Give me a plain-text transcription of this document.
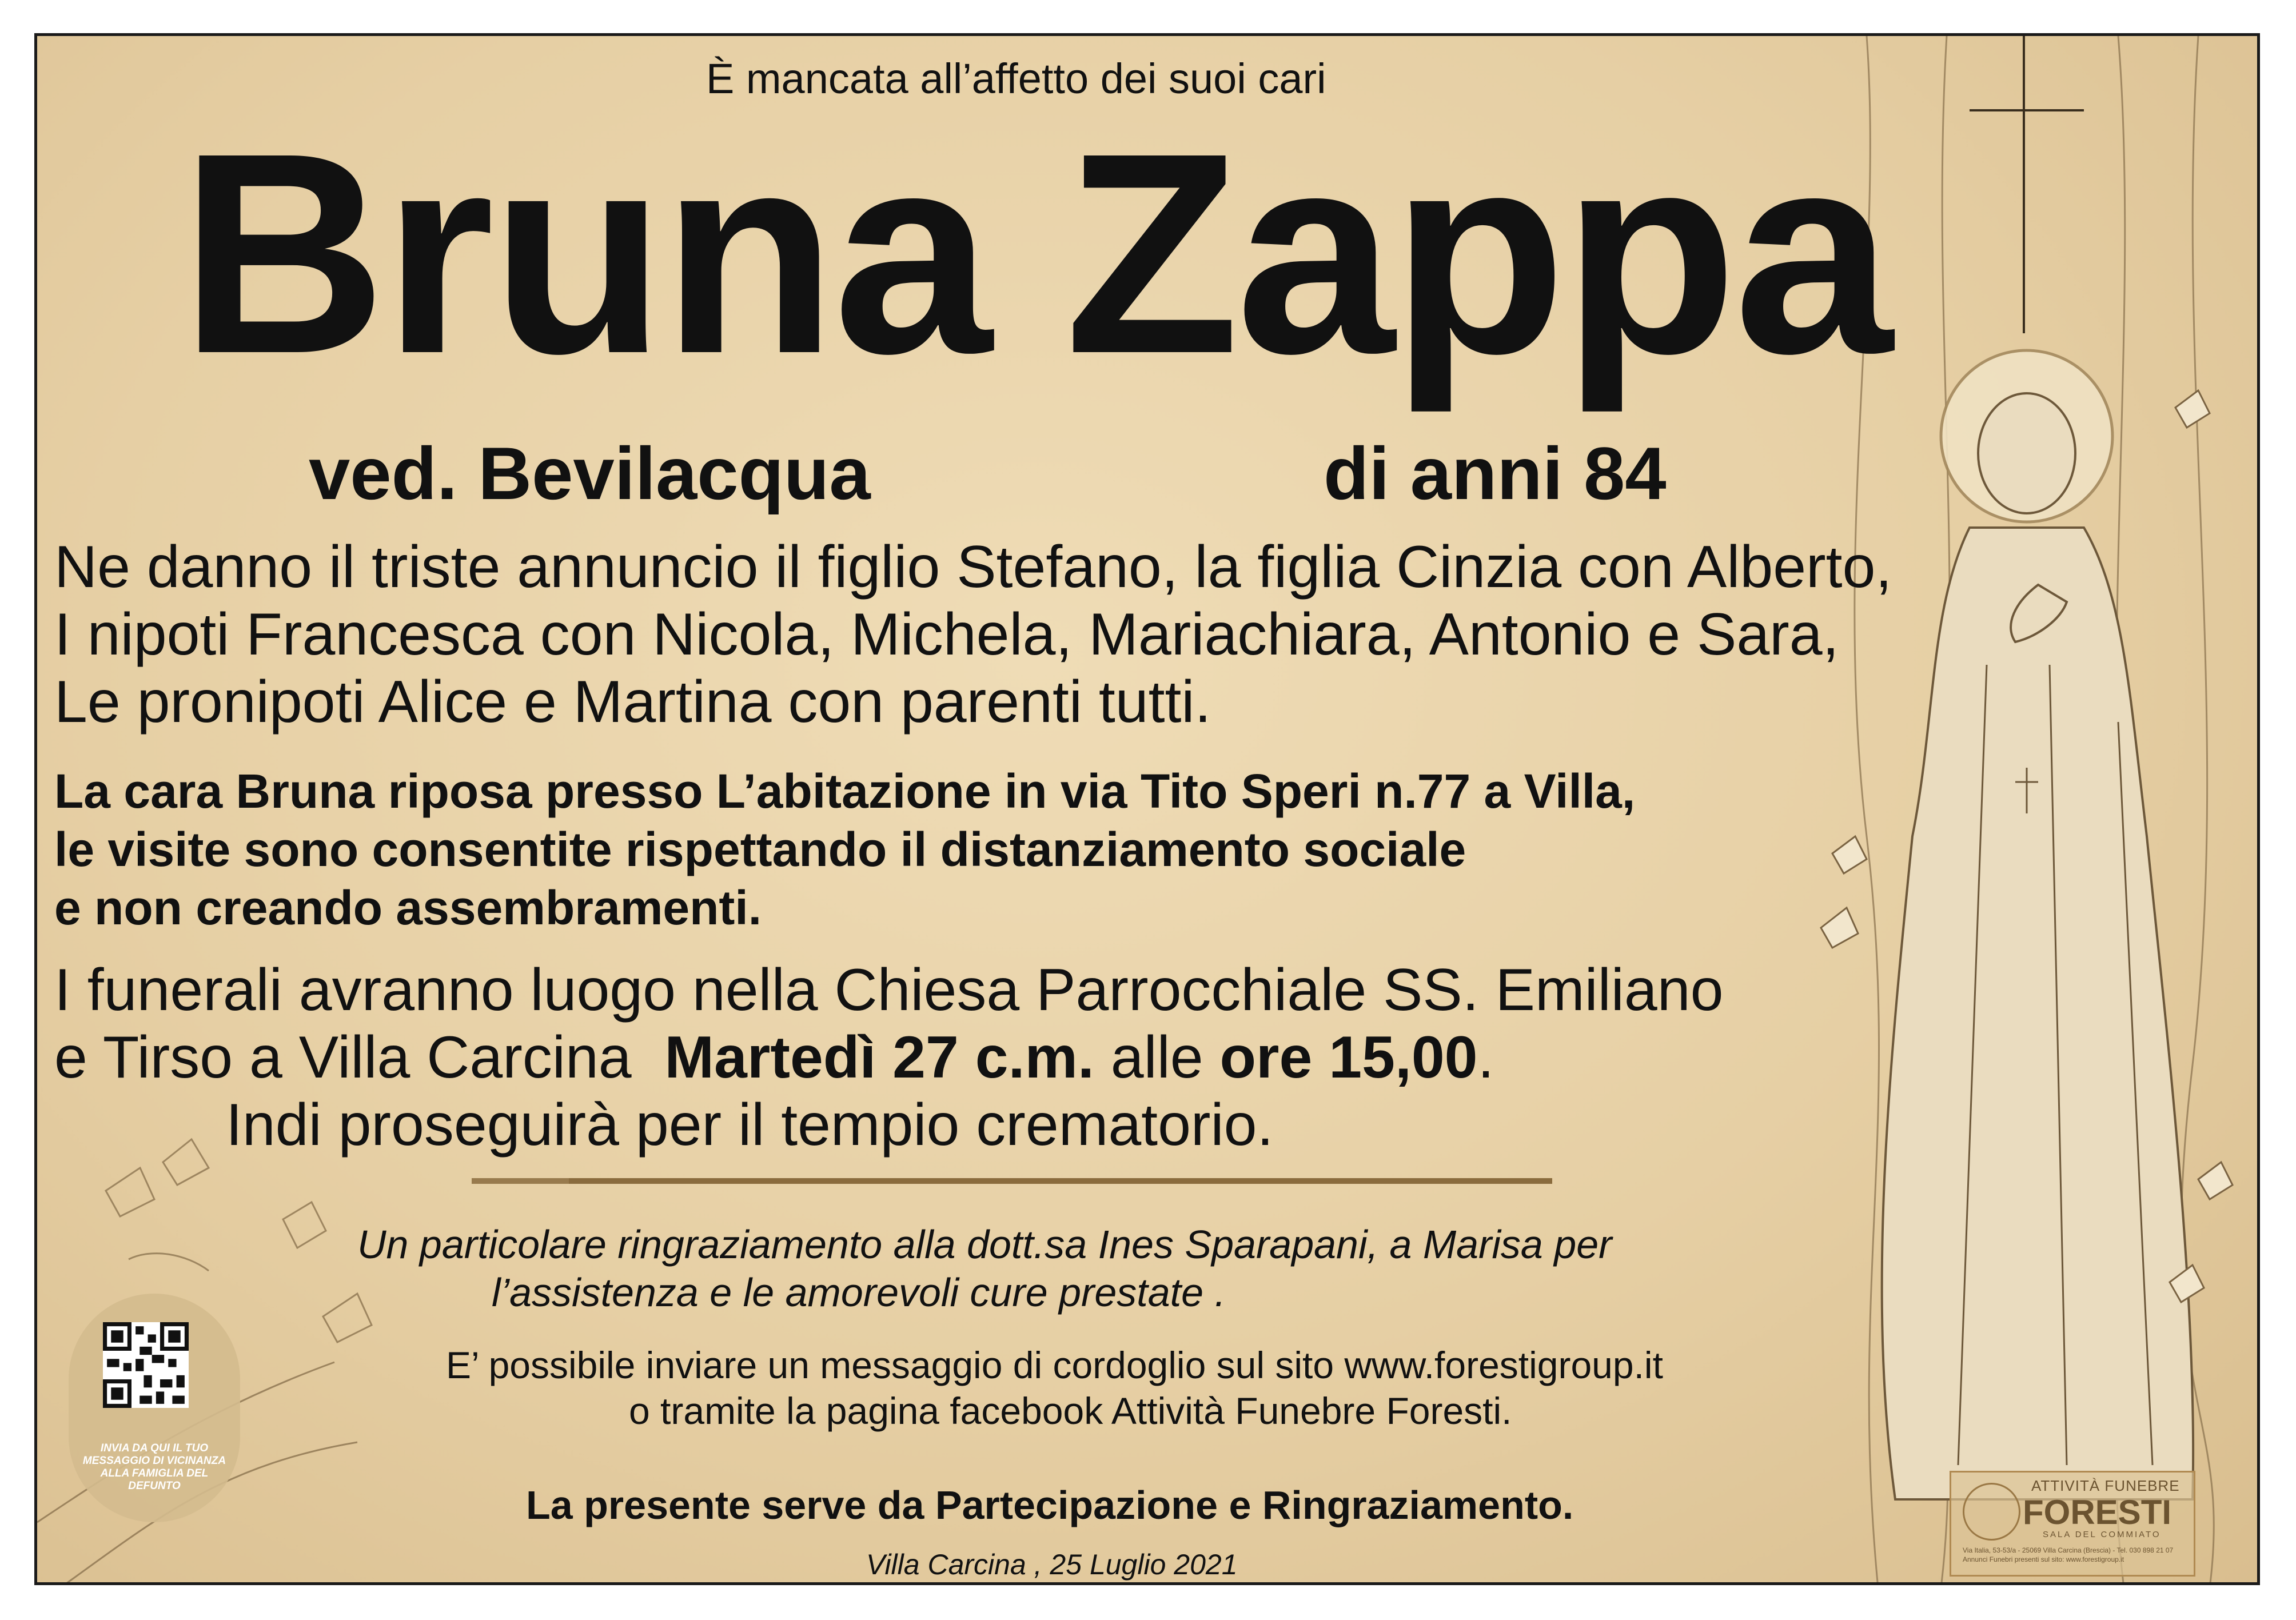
È mancata all’affetto dei suoi cari

Bruna Zappa

ved. Bevilacqua	di anni 84

Ne danno il triste annuncio il figlio Stefano, la figlia Cinzia con Alberto,
I nipoti Francesca con Nicola, Michela, Mariachiara, Antonio e Sara,
Le pronipoti Alice e Martina con parenti tutti.
La cara Bruna riposa presso L’abitazione in via Tito Speri n.77 a Villa,
le visite sono consentite rispettando il distanziamento sociale
e non creando assembramenti.
I funerali avranno luogo nella Chiesa Parrocchiale SS. Emiliano
e Tirso a Villa Carcina  Martedì 27 c.m. alle ore 15,00.
Indi proseguirà per il tempio crematorio.
Un particolare ringraziamento alla dott.sa Ines Sparapani, a Marisa per
l’assistenza e le amorevoli cure prestate .
E’ possibile inviare un messaggio di cordoglio sul sito www.forestigroup.it
o tramite la pagina facebook Attività Funebre Foresti.

La presente serve da Partecipazione e Ringraziamento.

Villa Carcina , 25 Luglio 2021

INVIA DA QUI IL TUO MESSAGGIO DI VICINANZA ALLA FAMIGLIA DEL DEFUNTO	ATTIVITÀ FUNEBRE

FORESTI

SALA DEL COMMIATO

Via Italia, 53-53/a - 25069 Villa Carcina (Brescia) - Tel. 030 898 21 07
Annunci Funebri presenti sul sito: www.forestigroup.it
